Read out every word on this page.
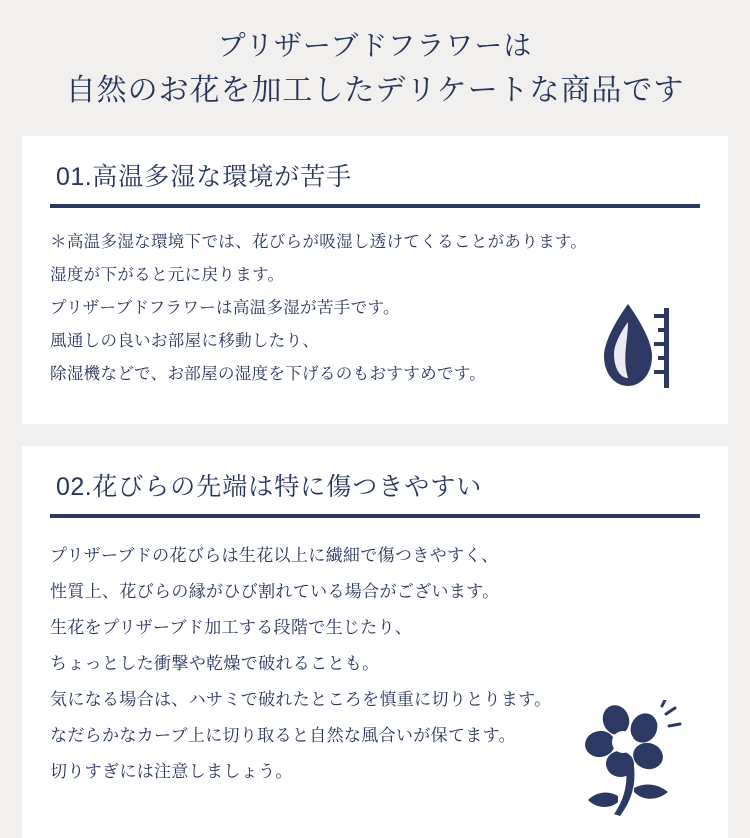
プリザーブドフラワーは
自然のお花を加工したデリケートな商品です
01.高温多湿な環境が苦手

＊高温多湿な環境下では、花びらが吸湿し透けてくることがあります。

湿度が下がると元に戻ります。

プリザーブドフラワーは高温多湿が苦手です。

風通しの良いお部屋に移動したり、

除湿機などで、お部屋の湿度を下げるのもおすすめです。

02.花びらの先端は特に傷つきやすい

プリザーブドの花びらは生花以上に繊細で傷つきやすく、

性質上、花びらの縁がひび割れている場合がございます。

生花をプリザーブド加工する段階で生じたり、

ちょっとした衝撃や乾燥で破れることも。

気になる場合は、ハサミで破れたところを慎重に切りとります。

なだらかなカーブ上に切り取ると自然な風合いが保てます。

切りすぎには注意しましょう。
